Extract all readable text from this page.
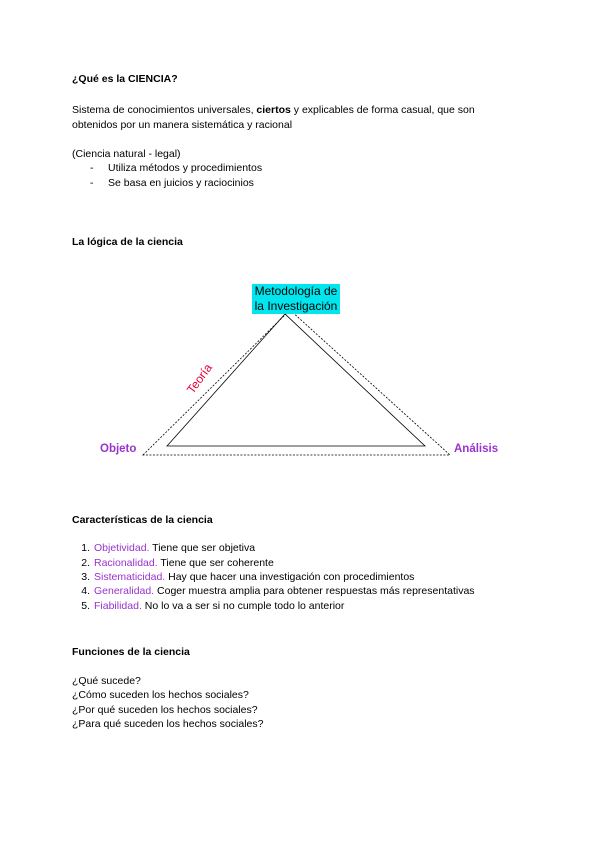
¿Qué es la CIENCIA?
Sistema de conocimientos universales, ciertos y explicables de forma casual, que son
obtenidos por un manera sistemática y racional
(Ciencia natural - legal)
- Utiliza métodos y procedimientos
- Se basa en juicios y raciocinios
La lógica de la ciencia
Metodología de
la Investigación
Objeto	Análisis
Teoría
Características de la ciencia
1. Objetividad. Tiene que ser objetiva
2. Racionalidad. Tiene que ser coherente
3. Sistematicidad. Hay que hacer una investigación con procedimientos
4. Generalidad. Coger muestra amplia para obtener respuestas más representativas
5. Fiabilidad. No lo va a ser si no cumple todo lo anterior
Funciones de la ciencia
¿Qué sucede?
¿Cómo suceden los hechos sociales?
¿Por qué suceden los hechos sociales?
¿Para qué suceden los hechos sociales?
